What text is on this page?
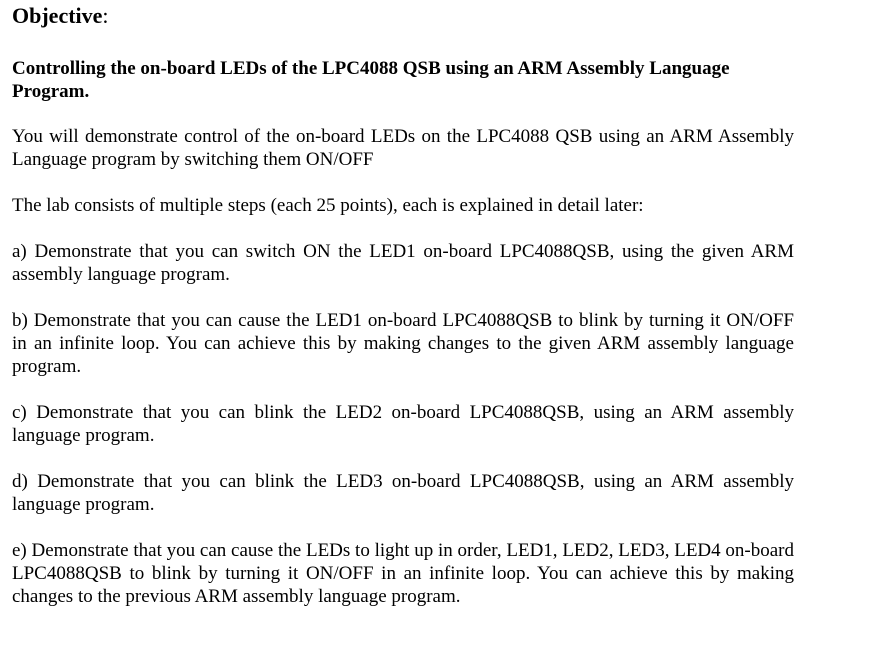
Objective:
Controlling the on-board LEDs of the LPC4088 QSB using an ARM Assembly Language Program.
You will demonstrate control of the on-board LEDs on the LPC4088 QSB using an ARM Assembly Language program by switching them ON/OFF
The lab consists of multiple steps (each 25 points), each is explained in detail later:
a) Demonstrate that you can switch ON the LED1 on-board LPC4088QSB, using the given ARM assembly language program.
b) Demonstrate that you can cause the LED1 on-board LPC4088QSB to blink by turning it ON/OFF in an infinite loop. You can achieve this by making changes to the given ARM assembly language program.
c) Demonstrate that you can blink the LED2 on-board LPC4088QSB, using an ARM assembly language program.
d) Demonstrate that you can blink the LED3 on-board LPC4088QSB, using an ARM assembly language program.
e) Demonstrate that you can cause the LEDs to light up in order, LED1, LED2, LED3, LED4 on-board LPC4088QSB to blink by turning it ON/OFF in an infinite loop. You can achieve this by making changes to the previous ARM assembly language program.
